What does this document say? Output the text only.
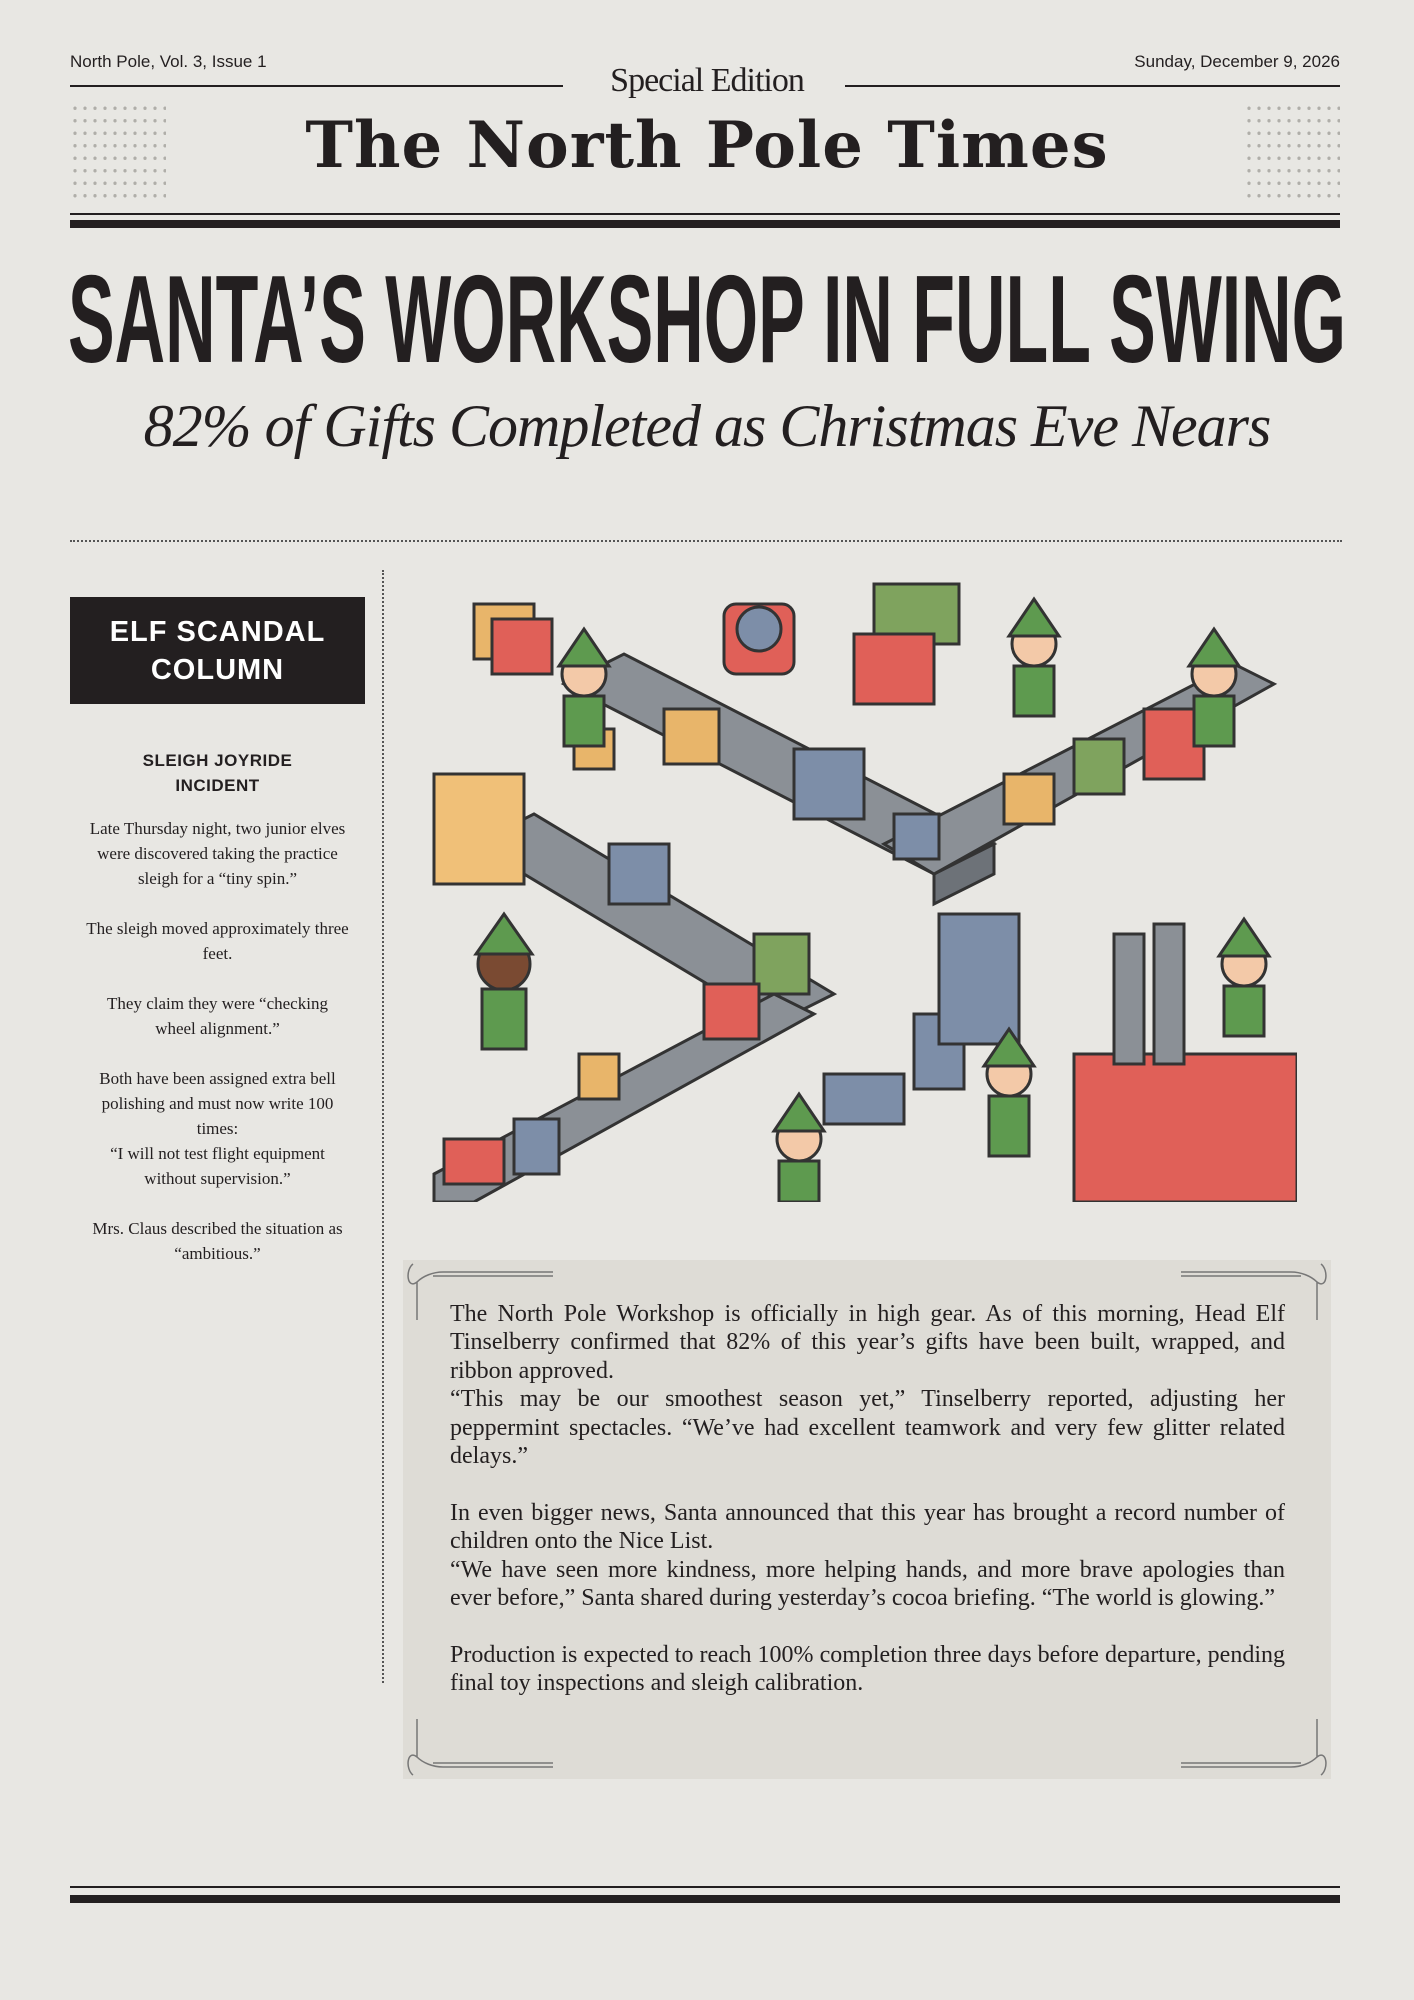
North Pole, Vol. 3, Issue 1	Sunday, December 9, 2026
Special Edition
The North Pole Times
SANTA’S WORKSHOP IN FULL SWING
82% of Gifts Completed as Christmas Eve Nears
ELF SCANDAL
COLUMN
SLEIGH JOYRIDE INCIDENT

Late Thursday night, two junior elves were discovered taking the practice sleigh for a “tiny spin.”

The sleigh moved approximately three feet.

They claim they were “checking wheel alignment.”

Both have been assigned extra bell polishing and must now write 100 times:
“I will not test flight equipment without supervision.”

Mrs. Claus described the situation as “ambitious.”

The North Pole Workshop is officially in high gear. As of this morning, Head Elf Tinselberry confirmed that 82% of this year’s gifts have been built, wrapped, and ribbon approved.
“This may be our smoothest season yet,” Tinselberry reported, adjusting her peppermint spectacles. “We’ve had excellent teamwork and very few glitter related delays.”

In even bigger news, Santa announced that this year has brought a record number of children onto the Nice List.
“We have seen more kindness, more helping hands, and more brave apologies than ever before,” Santa shared during yesterday’s cocoa briefing. “The world is glowing.”

Production is expected to reach 100% completion three days before departure, pending final toy inspections and sleigh calibration.
